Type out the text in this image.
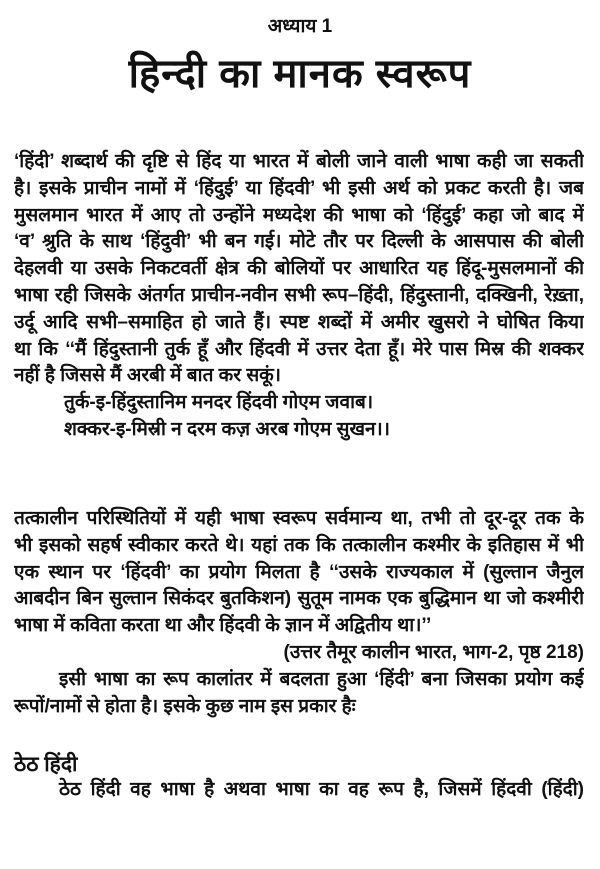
अध्याय 1
हिन्दी का मानक स्वरूप
‘हिंदी’ शब्दार्थ की दृष्टि से हिंद या भारत में बोली जाने वाली भाषा कही जा सकती
है। इसके प्राचीन नामों में ‘हिंदुई’ या हिंदवी’ भी इसी अर्थ को प्रकट करती है। जब
मुसलमान भारत में आए तो उन्होंने मध्यदेश की भाषा को ‘हिंदुई’ कहा जो बाद में
‘व’ श्रुति के साथ ‘हिंदुवी’ भी बन गई। मोटे तौर पर दिल्ली के आसपास की बोली
देहलवी या उसके निकटवर्ती क्षेत्र की बोलियों पर आधारित यह हिंदू-मुसलमानों की
भाषा रही जिसके अंतर्गत प्राचीन-नवीन सभी रूप–हिंदी, हिंदुस्तानी, दक्खिनी, रेख़्ता,
उर्दू आदि सभी–समाहित हो जाते हैं। स्पष्ट शब्दों में अमीर खुसरो ने घोषित किया
था कि ‘‘मैं हिंदुस्तानी तुर्क हूँ और हिंदवी में उत्तर देता हूँ। मेरे पास मिस्र की शक्कर
नहीं है जिससे मैं अरबी में बात कर सकूं।
तुर्क-इ-हिंदुस्तानिम मनदर हिंदवी गोएम जवाब।
शक्कर-इ-मिस्री न दरम कज़ अरब गोएम सुखन।।
तत्कालीन परिस्थितियों में यही भाषा स्वरूप सर्वमान्य था, तभी तो दूर-दूर तक के
भी इसको सहर्ष स्वीकार करते थे। यहां तक कि तत्कालीन कश्मीर के इतिहास में भी
एक स्थान पर ‘हिंदवी’ का प्रयोग मिलता है ‘‘उसके राज्यकाल में (सुल्तान जैनुल
आबदीन बिन सुल्तान सिकंदर बुतकिशन) सुतूम नामक एक बुद्धिमान था जो कश्मीरी
भाषा में कविता करता था और हिंदवी के ज्ञान में अद्वितीय था।’’
(उत्तर तैमूर कालीन भारत, भाग-2, पृष्ठ 218)
इसी भाषा का रूप कालांतर में बदलता हुआ ‘हिंदी’ बना जिसका प्रयोग कई
रूपों/नामों से होता है। इसके कुछ नाम इस प्रकार हैः
ठेठ हिंदी
ठेठ हिंदी वह भाषा है अथवा भाषा का वह रूप है, जिसमें हिंदवी (हिंदी)
